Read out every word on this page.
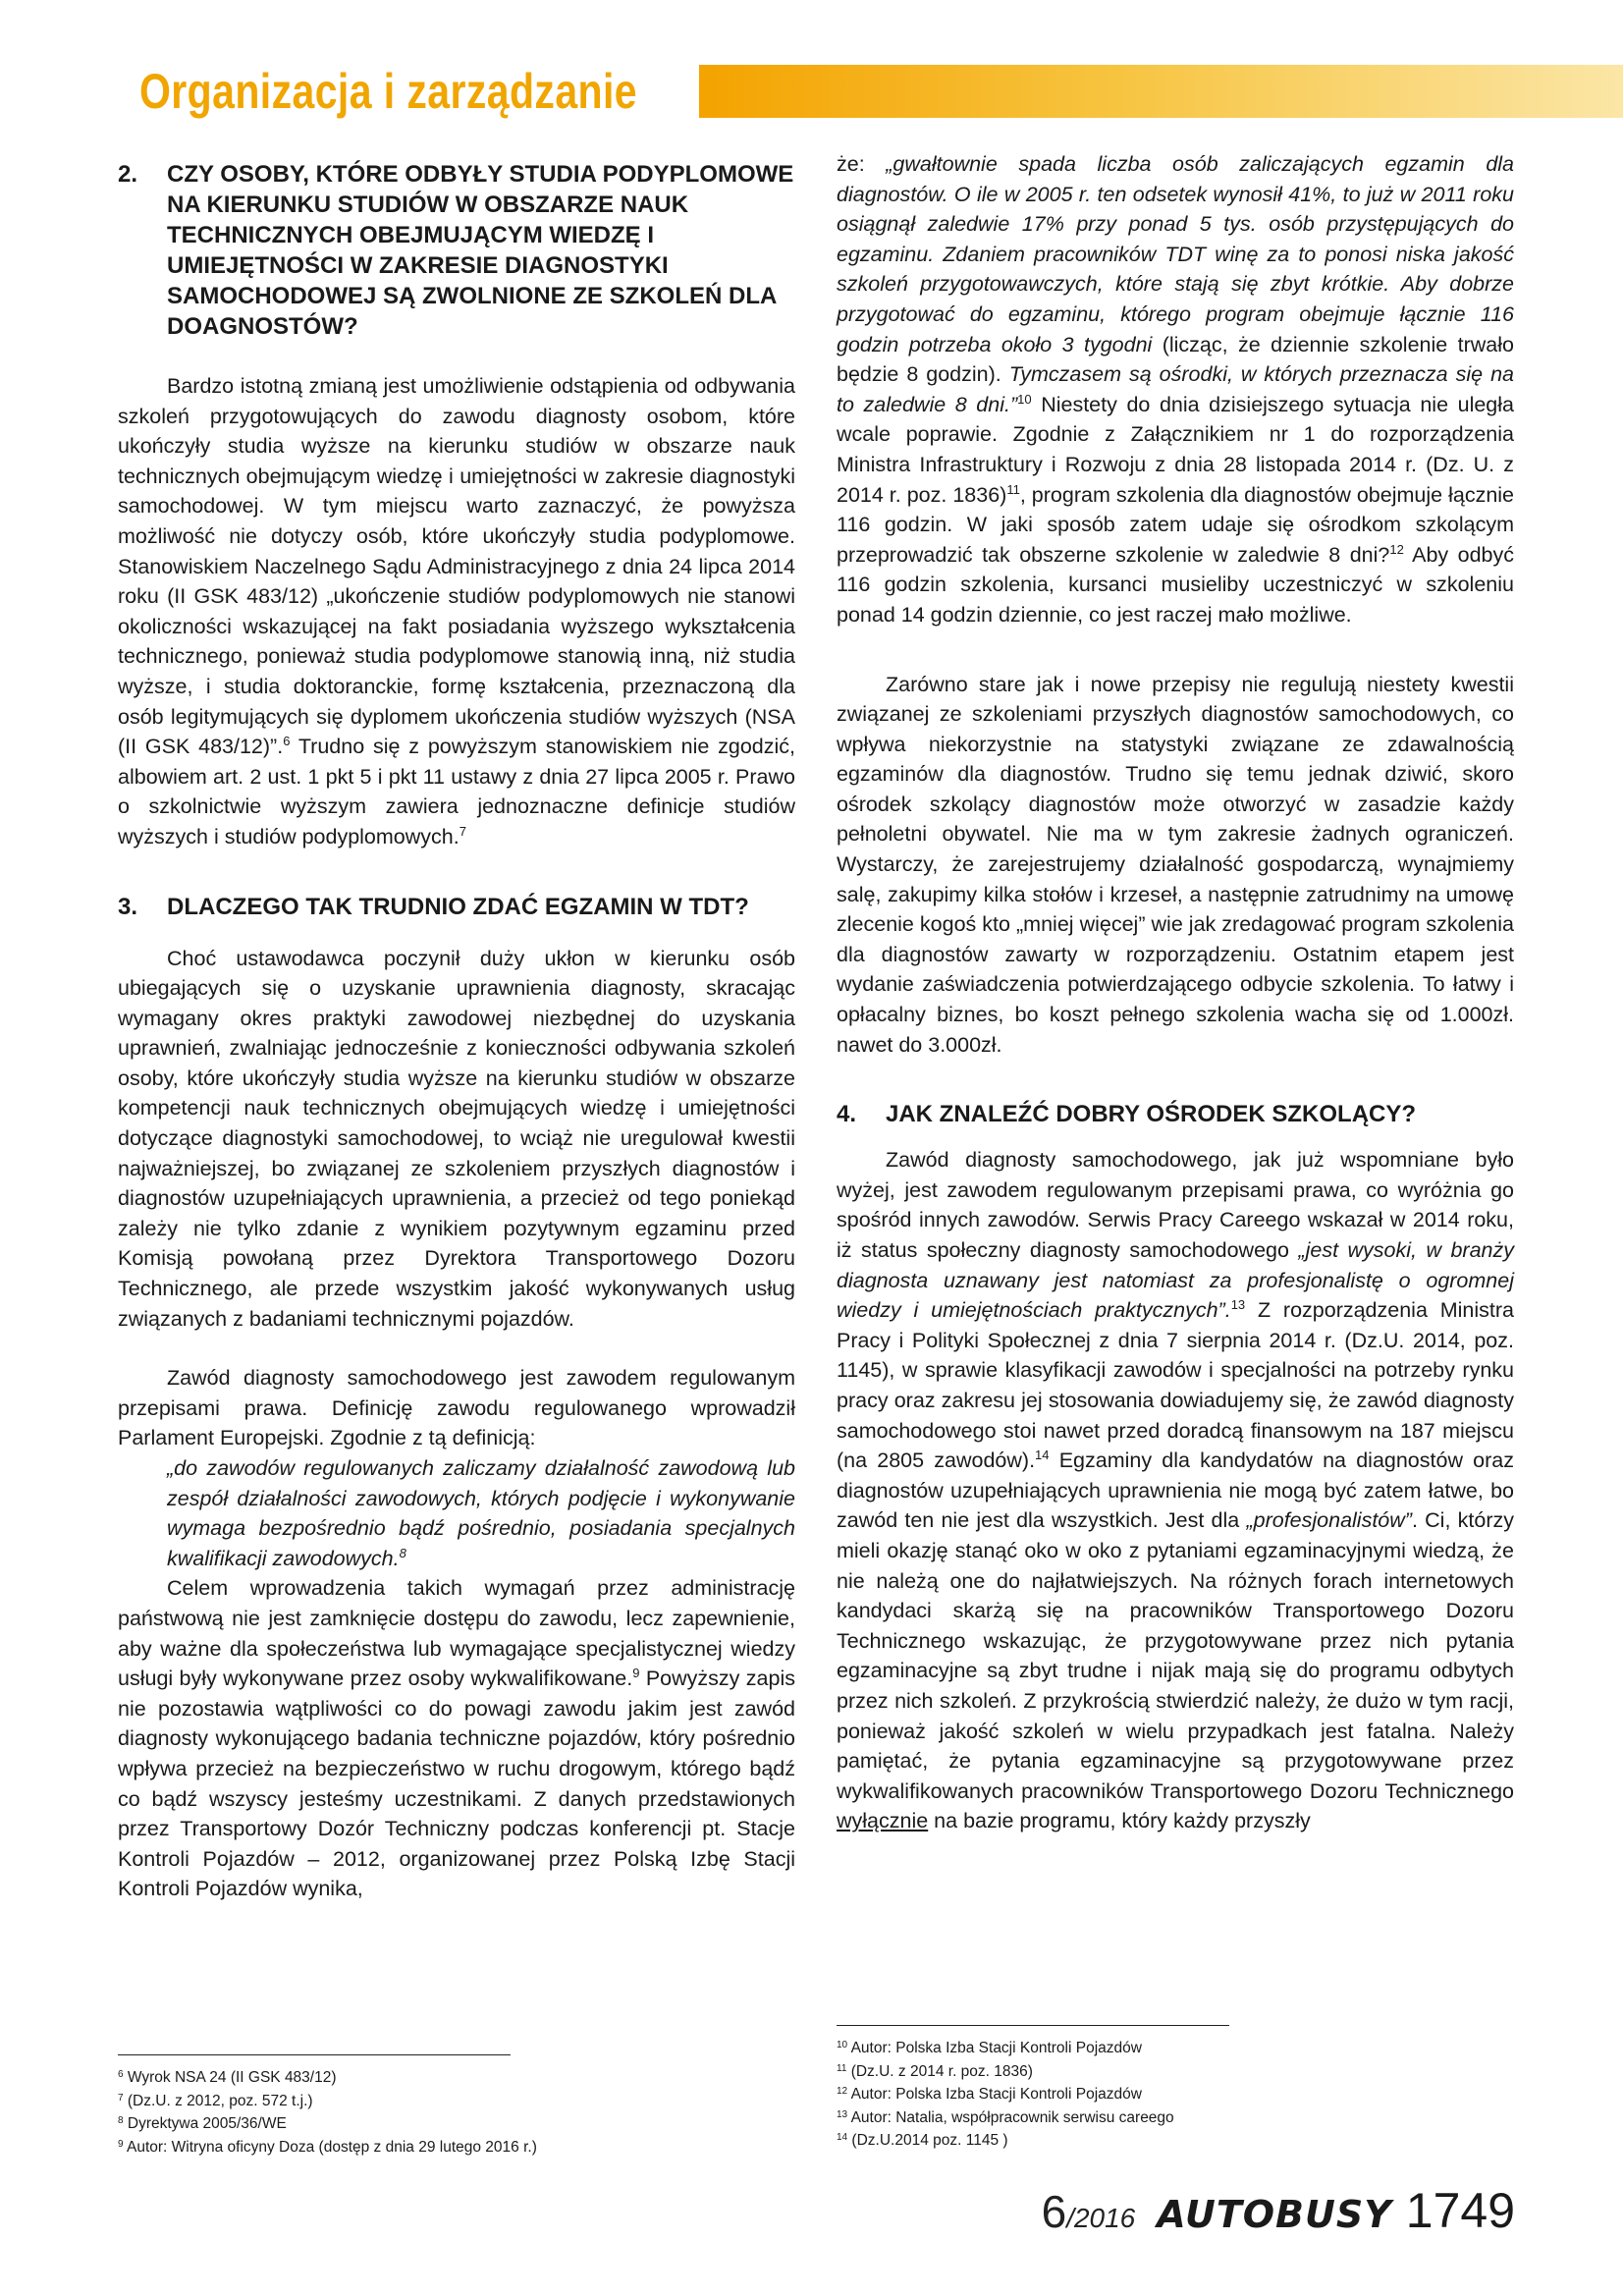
Organizacja i zarządzanie
2.	CZY OSOBY, KTÓRE ODBYŁY STUDIA PODYPLOMOWE NA KIERUNKU STUDIÓW W OBSZARZE NAUK TECHNICZNYCH OBEJMUJĄCYM WIEDZĘ I UMIEJĘTNOŚCI W ZAKRESIE DIAGNOSTYKI SAMOCHODOWEJ SĄ ZWOLNIONE ZE SZKOLEŃ DLA DOAGNOSTÓW?

Bardzo istotną zmianą jest umożliwienie odstąpienia od odbywania szkoleń przygotowujących do zawodu diagnosty osobom, które ukończyły studia wyższe na kierunku studiów w obszarze nauk technicznych obejmującym wiedzę i umiejętności w zakresie diagnostyki samochodowej. W tym miejscu warto zaznaczyć, że powyższa możliwość nie dotyczy osób, które ukończyły studia podyplomowe. Stanowiskiem Naczelnego Sądu Administracyjnego z dnia 24 lipca 2014 roku (II GSK 483/12) „ukończenie studiów podyplomowych nie stanowi okoliczności wskazującej na fakt posiadania wyższego wykształcenia technicznego, ponieważ studia podyplomowe stanowią inną, niż studia wyższe, i studia doktoranckie, formę kształcenia, przeznaczoną dla osób legitymujących się dyplomem ukończenia studiów wyższych (NSA (II GSK 483/12)”.$^6$ Trudno się z powyższym stanowiskiem nie zgodzić, albowiem art. 2 ust. 1 pkt 5 i pkt 11 ustawy z dnia 27 lipca 2005 r. Prawo o szkolnictwie wyższym zawiera jednoznaczne definicje studiów wyższych i studiów podyplomowych.$^7$

3.	DLACZEGO TAK TRUDNIO ZDAĆ EGZAMIN W TDT?

Choć ustawodawca poczynił duży ukłon w kierunku osób ubiegających się o uzyskanie uprawnienia diagnosty, skracając wymagany okres praktyki zawodowej niezbędnej do uzyskania uprawnień, zwalniając jednocześnie z konieczności odbywania szkoleń osoby, które ukończyły studia wyższe na kierunku studiów w obszarze kompetencji nauk technicznych obejmujących wiedzę i umiejętności dotyczące diagnostyki samochodowej, to wciąż nie uregulował kwestii najważniejszej, bo związanej ze szkoleniem przyszłych diagnostów i diagnostów uzupełniających uprawnienia, a przecież od tego poniekąd zależy nie tylko zdanie z wynikiem pozytywnym egzaminu przed Komisją powołaną przez Dyrektora Transportowego Dozoru Technicznego, ale przede wszystkim jakość wykonywanych usług związanych z badaniami technicznymi pojazdów.

Zawód diagnosty samochodowego jest zawodem regulowanym przepisami prawa. Definicję zawodu regulowanego wprowadził Parlament Europejski. Zgodnie z tą definicją:

„do zawodów regulowanych zaliczamy działalność zawodową lub zespół działalności zawodowych, których podjęcie i wykonywanie wymaga bezpośrednio bądź pośrednio, posiadania specjalnych kwalifikacji zawodowych.$^8$

Celem wprowadzenia takich wymagań przez administrację państwową nie jest zamknięcie dostępu do zawodu, lecz zapewnienie, aby ważne dla społeczeństwa lub wymagające specjalistycznej wiedzy usługi były wykonywane przez osoby wykwalifikowane.$^9$ Powyższy zapis nie pozostawia wątpliwości co do powagi zawodu jakim jest zawód diagnosty wykonującego badania techniczne pojazdów, który pośrednio wpływa przecież na bezpieczeństwo w ruchu drogowym, którego bądź co bądź wszyscy jesteśmy uczestnikami. Z danych przedstawionych przez Transportowy Dozór Techniczny podczas konferencji pt. Stacje Kontroli Pojazdów – 2012, organizowanej przez Polską Izbę Stacji Kontroli Pojazdów wynika,

że: „gwałtownie spada liczba osób zaliczających egzamin dla diagnostów. O ile w 2005 r. ten odsetek wynosił 41%, to już w 2011 roku osiągnął zaledwie 17% przy ponad 5 tys. osób przystępujących do egzaminu. Zdaniem pracowników TDT winę za to ponosi niska jakość szkoleń przygotowawczych, które stają się zbyt krótkie. Aby dobrze przygotować do egzaminu, którego program obejmuje łącznie 116 godzin potrzeba około 3 tygodni (licząc, że dziennie szkolenie trwało będzie 8 godzin). Tymczasem są ośrodki, w których przeznacza się na to zaledwie 8 dni.”$^{10}$ Niestety do dnia dzisiejszego sytuacja nie uległa wcale poprawie. Zgodnie z Załącznikiem nr 1 do rozporządzenia Ministra Infrastruktury i Rozwoju z dnia 28 listopada 2014 r. (Dz. U. z 2014 r. poz. 1836)$^{11}$, program szkolenia dla diagnostów obejmuje łącznie 116 godzin. W jaki sposób zatem udaje się ośrodkom szkolącym przeprowadzić tak obszerne szkolenie w zaledwie 8 dni?$^{12}$ Aby odbyć 116 godzin szkolenia, kursanci musieliby uczestniczyć w szkoleniu ponad 14 godzin dziennie, co jest raczej mało możliwe.

Zarówno stare jak i nowe przepisy nie regulują niestety kwestii związanej ze szkoleniami przyszłych diagnostów samochodowych, co wpływa niekorzystnie na statystyki związane ze zdawalnością egzaminów dla diagnostów. Trudno się temu jednak dziwić, skoro ośrodek szkolący diagnostów może otworzyć w zasadzie każdy pełnoletni obywatel. Nie ma w tym zakresie żadnych ograniczeń. Wystarczy, że zarejestrujemy działalność gospodarczą, wynajmiemy salę, zakupimy kilka stołów i krzeseł, a następnie zatrudnimy na umowę zlecenie kogoś kto „mniej więcej” wie jak zredagować program szkolenia dla diagnostów zawarty w rozporządzeniu. Ostatnim etapem jest wydanie zaświadczenia potwierdzającego odbycie szkolenia. To łatwy i opłacalny biznes, bo koszt pełnego szkolenia wacha się od 1.000zł. nawet do 3.000zł.

4.	JAK ZNALEŹĆ DOBRY OŚRODEK SZKOLĄCY?

Zawód diagnosty samochodowego, jak już wspomniane było wyżej, jest zawodem regulowanym przepisami prawa, co wyróżnia go spośród innych zawodów. Serwis Pracy Careego wskazał w 2014 roku, iż status społeczny diagnosty samochodowego „jest wysoki, w branży diagnosta uznawany jest natomiast za profesjonalistę o ogromnej wiedzy i umiejętnościach praktycznych”.$^{13}$ Z rozporządzenia Ministra Pracy i Polityki Społecznej z dnia 7 sierpnia 2014 r. (Dz.U. 2014, poz. 1145), w sprawie klasyfikacji zawodów i specjalności na potrzeby rynku pracy oraz zakresu jej stosowania dowiadujemy się, że zawód diagnosty samochodowego stoi nawet przed doradcą finansowym na 187 miejscu (na 2805 zawodów).$^{14}$ Egzaminy dla kandydatów na diagnostów oraz diagnostów uzupełniających uprawnienia nie mogą być zatem łatwe, bo zawód ten nie jest dla wszystkich. Jest dla „profesjonalistów”. Ci, którzy mieli okazję stanąć oko w oko z pytaniami egzaminacyjnymi wiedzą, że nie należą one do najłatwiejszych. Na różnych forach internetowych kandydaci skarżą się na pracowników Transportowego Dozoru Technicznego wskazując, że przygotowywane przez nich pytania egzaminacyjne są zbyt trudne i nijak mają się do programu odbytych przez nich szkoleń. Z przykrością stwierdzić należy, że dużo w tym racji, ponieważ jakość szkoleń w wielu przypadkach jest fatalna. Należy pamiętać, że pytania egzaminacyjne są przygotowywane przez wykwalifikowanych pracowników Transportowego Dozoru Technicznego wyłącznie na bazie programu, który każdy przyszły

$^6$ Wyrok NSA 24 (II GSK 483/12)
$^7$ (Dz.U. z 2012, poz. 572 t.j.)
$^8$ Dyrektywa 2005/36/WE
$^9$ Autor: Witryna oficyny Doza (dostęp z dnia 29 lutego 2016 r.)
$^{10}$ Autor: Polska Izba Stacji Kontroli Pojazdów
$^{11}$ (Dz.U. z 2014 r. poz. 1836)
$^{12}$ Autor: Polska Izba Stacji Kontroli Pojazdów
$^{13}$ Autor: Natalia, współpracownik serwisu careego
$^{14}$ (Dz.U.2014 poz. 1145 )
6/2016 AUTOBUSY 1749
